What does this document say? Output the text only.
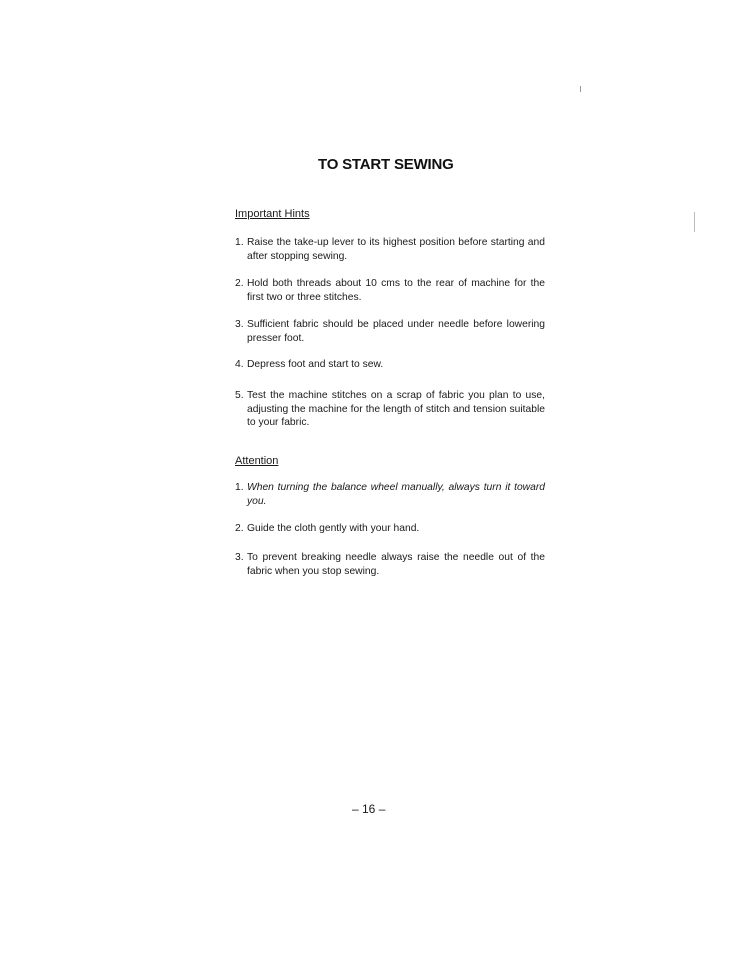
TO START SEWING
Important Hints
1. Raise the take-up lever to its highest position before starting and after stopping sewing.
2. Hold both threads about 10 cms to the rear of machine for the first two or three stitches.
3. Sufficient fabric should be placed under needle before lowering presser foot.
4. Depress foot and start to sew.
5. Test the machine stitches on a scrap of fabric you plan to use, adjusting the machine for the length of stitch and tension suitable to your fabric.
Attention
1. When turning the balance wheel manually, always turn it toward you.
2. Guide the cloth gently with your hand.
3. To prevent breaking needle always raise the needle out of the fabric when you stop sewing.
– 16 –
